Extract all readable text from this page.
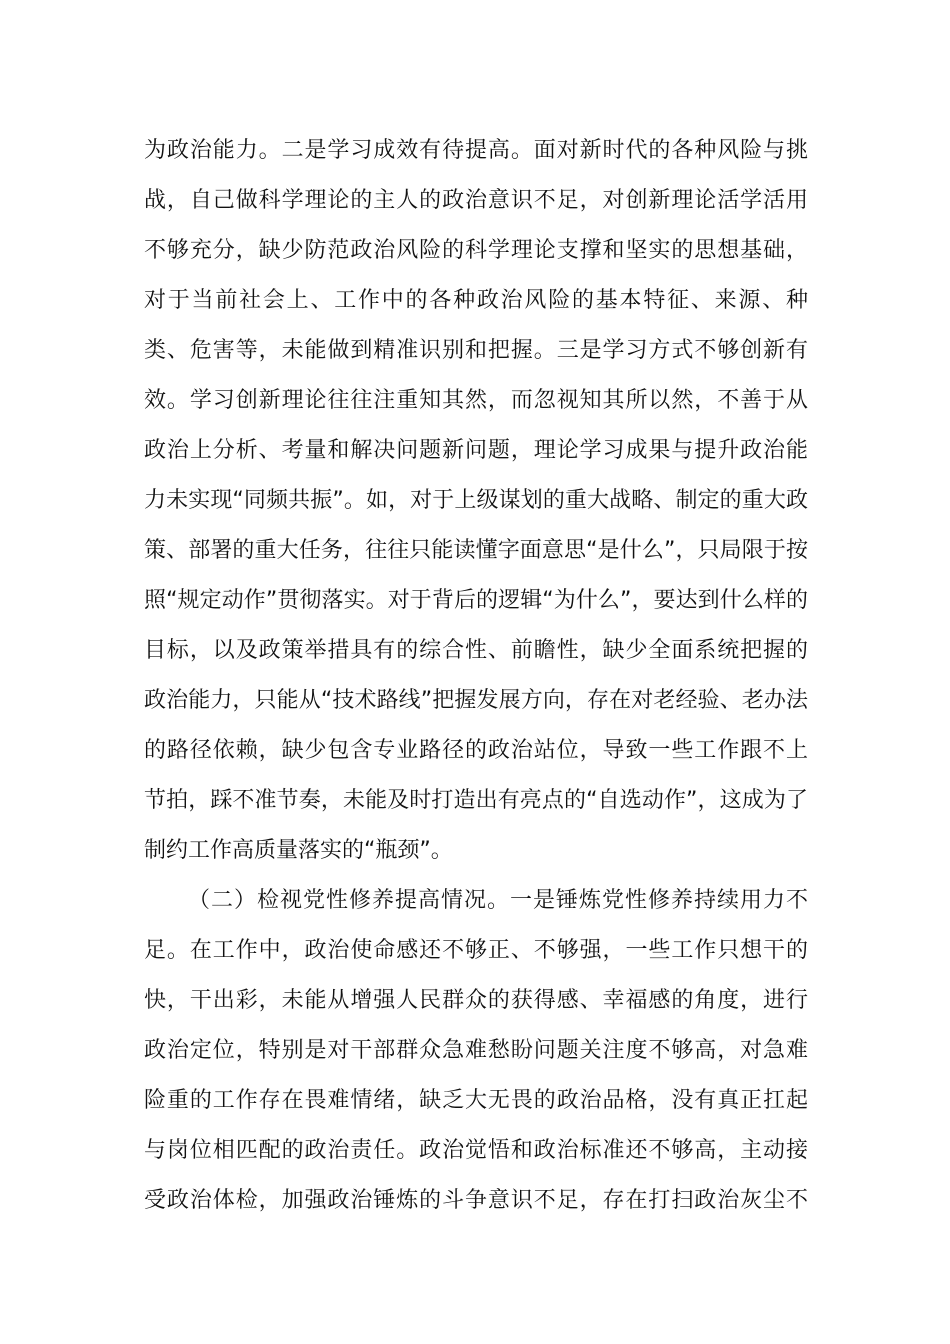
为政治能力。二是学习成效有待提高。面对新时代的各种风险与挑
战，自己做科学理论的主人的政治意识不足，对创新理论活学活用
不够充分，缺少防范政治风险的科学理论支撑和坚实的思想基础，
对于当前社会上、工作中的各种政治风险的基本特征、来源、种
类、危害等，未能做到精准识别和把握。三是学习方式不够创新有
效。学习创新理论往往注重知其然，而忽视知其所以然，不善于从
政治上分析、考量和解决问题新问题，理论学习成果与提升政治能
力未实现“同频共振”。如，对于上级谋划的重大战略、制定的重大政
策、部署的重大任务，往往只能读懂字面意思“是什么”，只局限于按
照“规定动作”贯彻落实。对于背后的逻辑“为什么”，要达到什么样的
目标，以及政策举措具有的综合性、前瞻性，缺少全面系统把握的
政治能力，只能从“技术路线”把握发展方向，存在对老经验、老办法
的路径依赖，缺少包含专业路径的政治站位，导致一些工作跟不上
节拍，踩不准节奏，未能及时打造出有亮点的“自选动作”，这成为了
制约工作高质量落实的“瓶颈”。
（二）检视党性修养提高情况。一是锤炼党性修养持续用力不
足。在工作中，政治使命感还不够正、不够强，一些工作只想干的
快，干出彩，未能从增强人民群众的获得感、幸福感的角度，进行
政治定位，特别是对干部群众急难愁盼问题关注度不够高，对急难
险重的工作存在畏难情绪，缺乏大无畏的政治品格，没有真正扛起
与岗位相匹配的政治责任。政治觉悟和政治标准还不够高，主动接
受政治体检，加强政治锤炼的斗争意识不足，存在打扫政治灰尘不
